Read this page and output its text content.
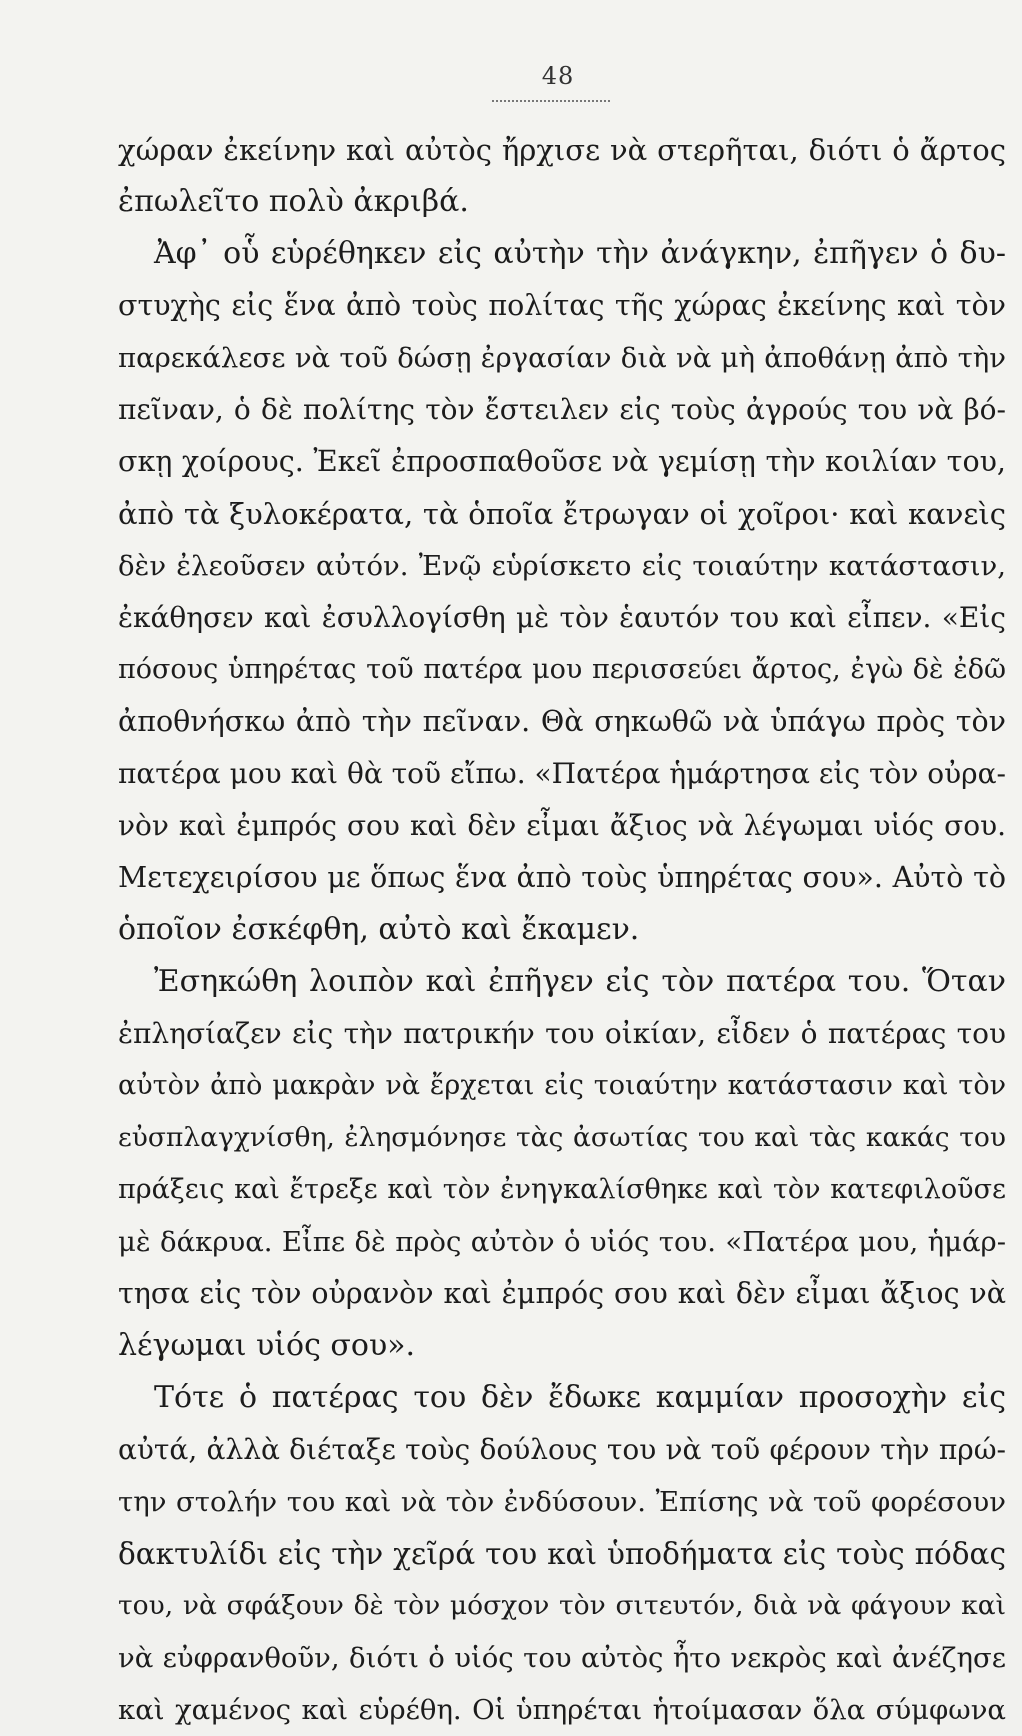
48
χώραν ἐκείνην καὶ αὐτὸς ἤρχισε νὰ στερῆται, διότι ὁ ἄρτος
ἐπωλεῖτο πολὺ ἀκριβά.
Ἀφ᾽ οὗ εὑρέθηκεν εἰς αὐτὴν τὴν ἀνάγκην, ἐπῆγεν ὁ δυ-
στυχὴς εἰς ἕνα ἀπὸ τοὺς πολίτας τῆς χώρας ἐκείνης καὶ τὸν
παρεκάλεσε νὰ τοῦ δώσῃ ἐργασίαν διὰ νὰ μὴ ἀποθάνῃ ἀπὸ τὴν
πεῖναν, ὁ δὲ πολίτης τὸν ἔστειλεν εἰς τοὺς ἀγρούς του νὰ βό-
σκῃ χοίρους. Ἐκεῖ ἐπροσπαθοῦσε νὰ γεμίσῃ τὴν κοιλίαν του,
ἀπὸ τὰ ξυλοκέρατα, τὰ ὁποῖα ἔτρωγαν οἱ χοῖροι· καὶ κανεὶς
δὲν ἐλεοῦσεν αὐτόν. Ἐνῷ εὑρίσκετο εἰς τοιαύτην κατάστασιν,
ἐκάθησεν καὶ ἐσυλλογίσθη μὲ τὸν ἑαυτόν του καὶ εἶπεν. «Εἰς
πόσους ὑπηρέτας τοῦ πατέρα μου περισσεύει ἄρτος, ἐγὼ δὲ ἐδῶ
ἀποθνήσκω ἀπὸ τὴν πεῖναν. Θὰ σηκωθῶ νὰ ὑπάγω πρὸς τὸν
πατέρα μου καὶ θὰ τοῦ εἴπω. «Πατέρα ἡμάρτησα εἰς τὸν οὐρα-
νὸν καὶ ἐμπρός σου καὶ δὲν εἶμαι ἄξιος νὰ λέγωμαι υἱός σου.
Μετεχειρίσου με ὅπως ἕνα ἀπὸ τοὺς ὑπηρέτας σου». Αὐτὸ τὸ
ὁποῖον ἐσκέφθη, αὐτὸ καὶ ἔκαμεν.
Ἐσηκώθη λοιπὸν καὶ ἐπῆγεν εἰς τὸν πατέρα του. Ὅταν
ἐπλησίαζεν εἰς τὴν πατρικήν του οἰκίαν, εἶδεν ὁ πατέρας του
αὐτὸν ἀπὸ μακρὰν νὰ ἔρχεται εἰς τοιαύτην κατάστασιν καὶ τὸν
εὐσπλαγχνίσθη, ἐλησμόνησε τὰς ἀσωτίας του καὶ τὰς κακάς του
πράξεις καὶ ἔτρεξε καὶ τὸν ἐνηγκαλίσθηκε καὶ τὸν κατεφιλοῦσε
μὲ δάκρυα. Εἶπε δὲ πρὸς αὐτὸν ὁ υἱός του. «Πατέρα μου, ἡμάρ-
τησα εἰς τὸν οὐρανὸν καὶ ἐμπρός σου καὶ δὲν εἶμαι ἄξιος νὰ
λέγωμαι υἱός σου».
Τότε ὁ πατέρας του δὲν ἔδωκε καμμίαν προσοχὴν εἰς
αὐτά, ἀλλὰ διέταξε τοὺς δούλους του νὰ τοῦ φέρουν τὴν πρώ-
την στολήν του καὶ νὰ τὸν ἐνδύσουν. Ἐπίσης νὰ τοῦ φορέσουν
δακτυλίδι εἰς τὴν χεῖρά του καὶ ὑποδήματα εἰς τοὺς πόδας
του, νὰ σφάξουν δὲ τὸν μόσχον τὸν σιτευτόν, διὰ νὰ φάγουν καὶ
νὰ εὐφρανθοῦν, διότι ὁ υἱός του αὐτὸς ἦτο νεκρὸς καὶ ἀνέζησε
καὶ χαμένος καὶ εὑρέθη. Οἱ ὑπηρέται ἡτοίμασαν ὅλα σύμφωνα
